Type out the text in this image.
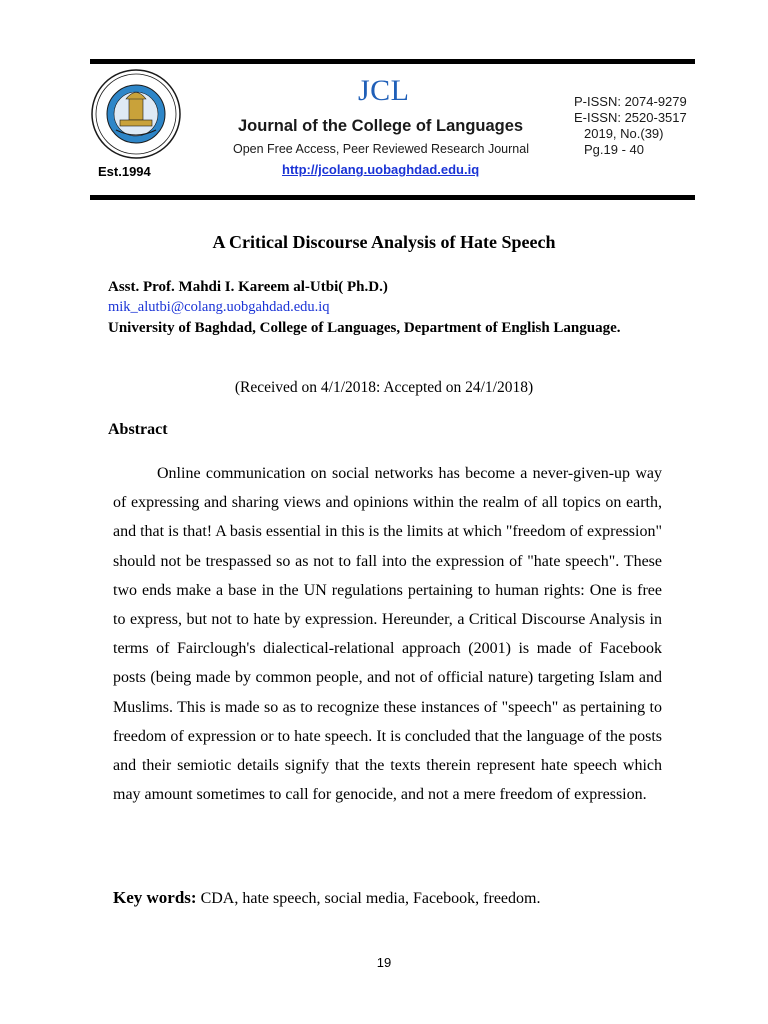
Est.1994
JCL
Journal of the College of Languages
Open Free Access, Peer Reviewed Research Journal
http://jcolang.uobaghdad.edu.iq
P-ISSN: 2074-9279
E-ISSN: 2520-3517
2019, No.(39)
Pg.19 - 40
A Critical Discourse Analysis of Hate Speech
Asst. Prof. Mahdi I. Kareem al-Utbi( Ph.D.)
mik_alutbi@colang.uobgahdad.edu.iq
University of Baghdad, College of Languages, Department of English Language.
(Received on 4/1/2018: Accepted on 24/1/2018)
Abstract

Online communication on social networks has become a never-given-up way of expressing and sharing views and opinions within the realm of all topics on earth, and that is that! A basis essential in this is the limits at which "freedom of expression" should not be trespassed so as not to fall into the expression of "hate speech". These two ends make a base in the UN regulations pertaining to human rights: One is free to express, but not to hate by expression. Hereunder, a Critical Discourse Analysis in terms of Fairclough's dialectical-relational approach (2001) is made of Facebook posts (being made by common people, and not of official nature) targeting Islam and Muslims. This is made so as to recognize these instances of "speech" as pertaining to freedom of expression or to hate speech. It is concluded that the language of the posts and their semiotic details signify that the texts therein represent hate speech which may amount sometimes to call for genocide, and not a mere freedom of expression.

Key words: CDA, hate speech, social media, Facebook, freedom.
19
